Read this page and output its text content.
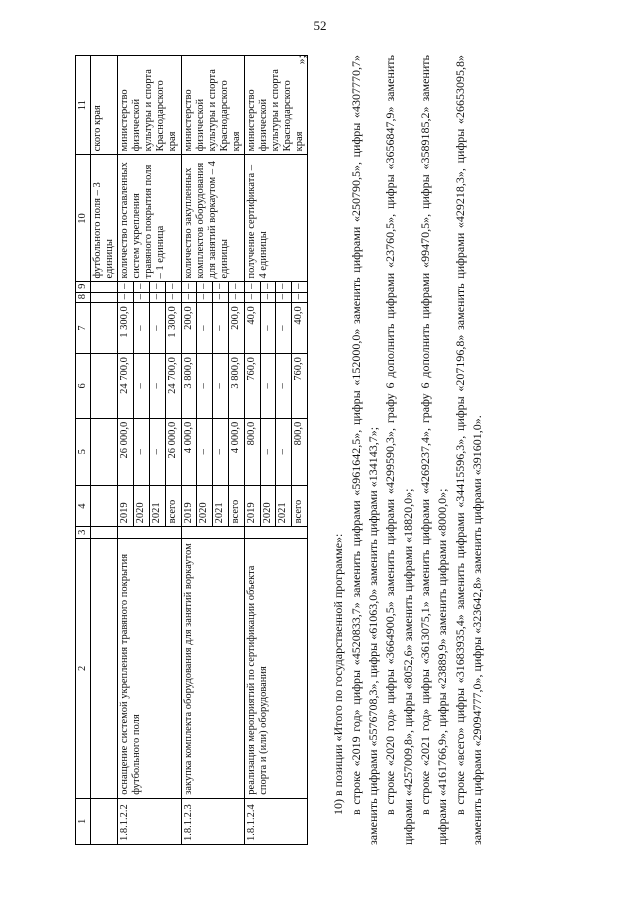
52
1	2	3	4	5	6	7	8	9	10	11
									футбольного поля – 3 единицы	ского края
1.8.1.2.2	оснащение системой укрепления травяного покрытия футбольного поля		2019	26 000,0	24 700,0	1 300,0	–	–	количество поставленных систем укрепления травяного покрытия поля – 1 единица	министерство физической культуры и спорта Краснодарского края
			2020	–	–	–	–	–		
			2021	–	–	–	–	–		
			всего	26 000,0	24 700,0	1 300,0	–	–		
1.8.1.2.3	закупка комплекта оборудования для занятий воркаутом		2019	4 000,0	3 800,0	200,0	–	–	количество закупленных комплектов оборудования для занятий воркаутом – 4 единицы	министерство физической культуры и спорта Краснодарского края
			2020	–	–	–	–	–		
			2021	–	–	–	–	–		
			всего	4 000,0	3 800,0	200,0	–	–		
1.8.1.2.4	реализация мероприятий по сертификации объекта спорта и (или) оборудования		2019	800,0	760,0	40,0	–	–	получение сертификата – 4 единицы	министерство физической культуры и спорта Краснодарского края
			2020	–	–	–	–	–		
			2021	–	–	–	–	–		
			всего	800,0	760,0	40,0	–	–		
»;

10) в позиции «Итого по государственной программе»: в строке «2019 год» цифры «4520833,7» заменить цифрами «5961642,5», цифры «152000,0» заменить цифрами «250790,5», цифры «4307770,7» заменить цифрами «5576708,3», цифры «61063,0» заменить цифрами «134143,7»; в строке «2020 год» цифры «3664900,5» заменить цифрами «4299590,3», графу 6 дополнить цифрами «23760,5», цифры «3656847,9» заменить цифрами «4257009,8», цифры «8052,6» заменить цифрами «18820,0»; в строке «2021 год» цифры «3613075,1» заменить цифрами «4269237,4», графу 6 дополнить цифрами «99470,5», цифры «3589185,2» заменить цифрами «4161766,9», цифры «23889,9» заменить цифрами «8000,0»; в строке «всего» цифры «31683935,4» заменить цифрами «34415596,3», цифры «207196,8» заменить цифрами «429218,3», цифры «26653095,8» заменить цифрами «29094777,0», цифры «323642,8» заменить цифрами «391601,0».
